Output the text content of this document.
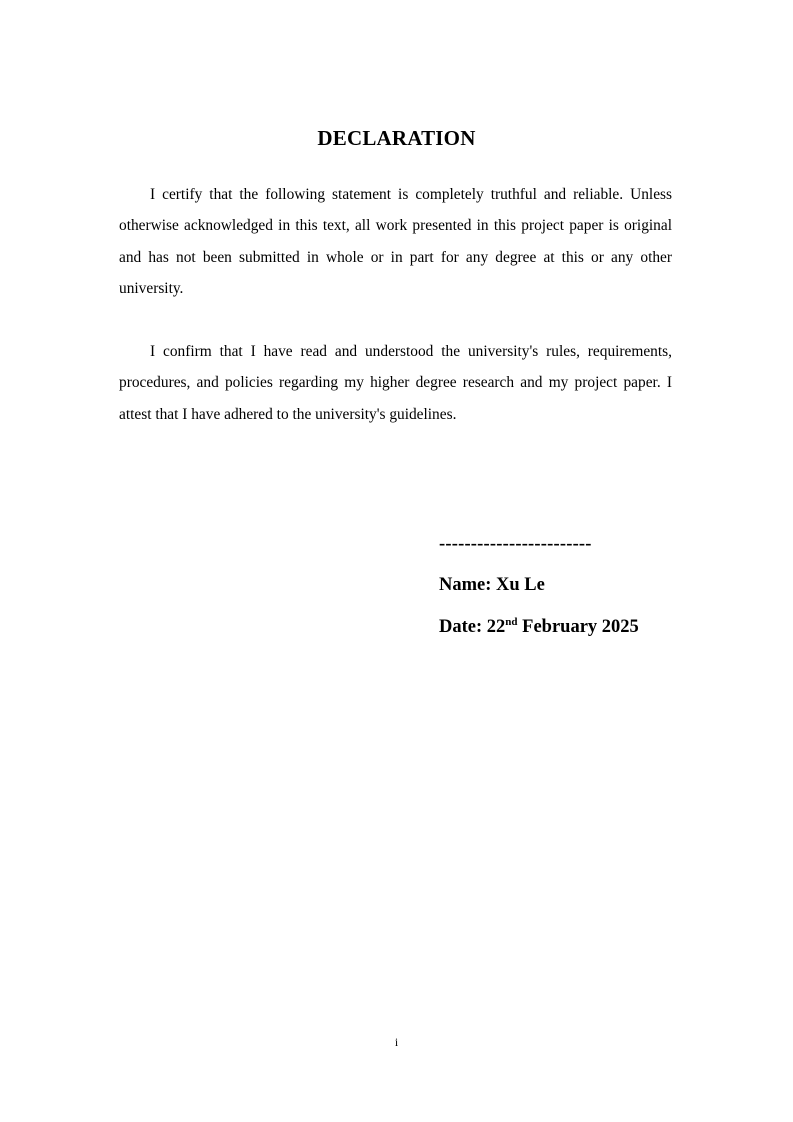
DECLARATION

I certify that the following statement is completely truthful and reliable. Unless otherwise acknowledged in this text, all work presented in this project paper is original and has not been submitted in whole or in part for any degree at this or any other university.

I confirm that I have read and understood the university's rules, requirements, procedures, and policies regarding my higher degree research and my project paper. I attest that I have adhered to the university's guidelines.

------------------------
Name: Xu Le
Date: 22nd February 2025
i
